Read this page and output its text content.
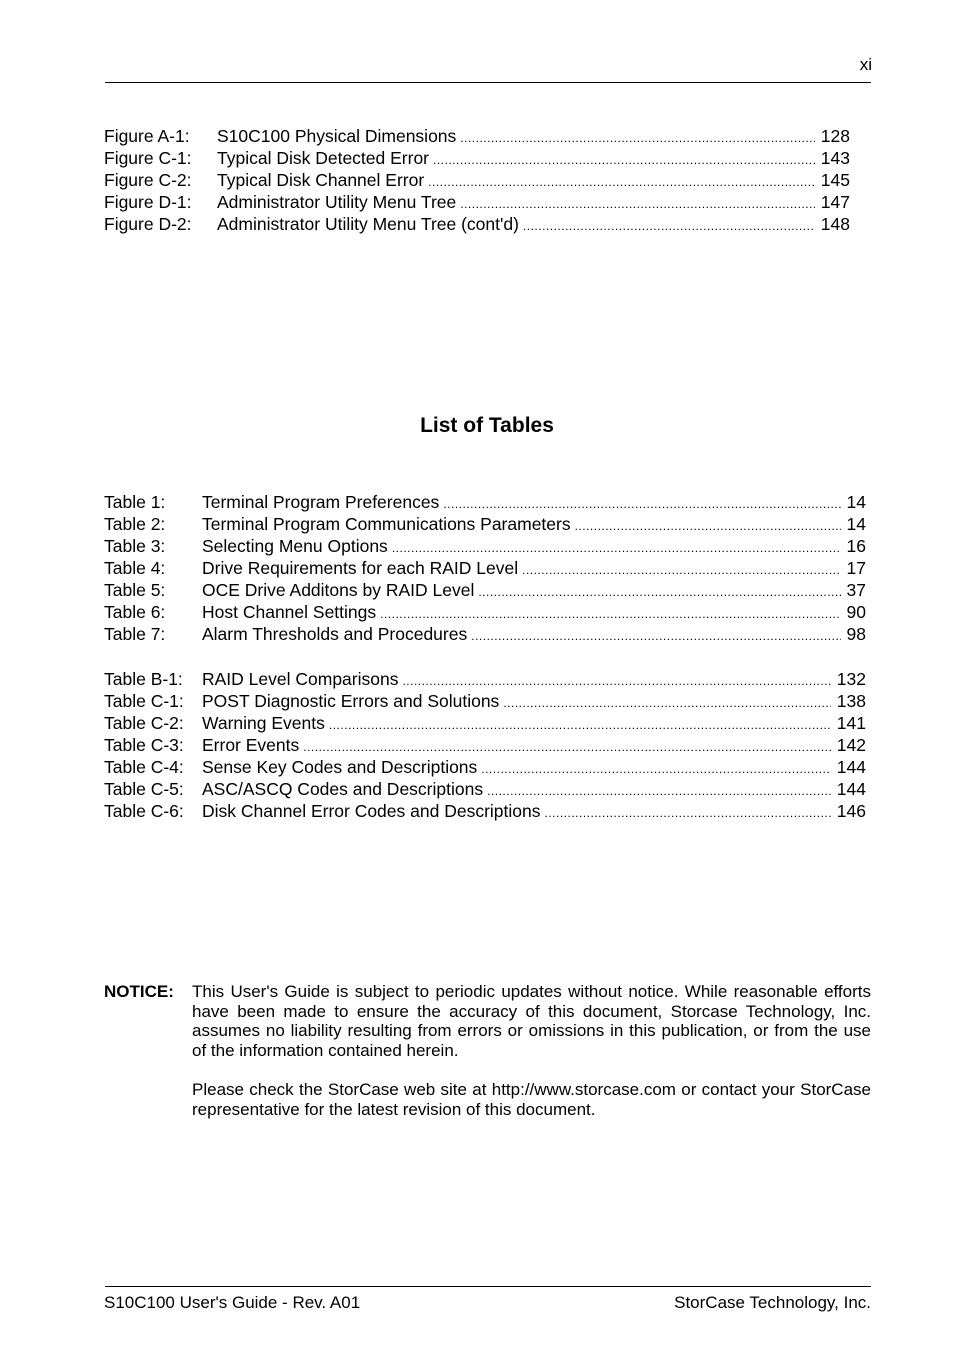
xi
Figure A-1:	S10C100 Physical Dimensions .....	128
Figure C-1:	Typical Disk Detected Error .....	143
Figure C-2:	Typical Disk Channel Error .....	145
Figure D-1:	Administrator Utility Menu Tree .....	147
Figure D-2:	Administrator Utility Menu Tree (cont'd) .....	148
List of Tables
Table 1:	Terminal Program Preferences .....	14
Table 2:	Terminal Program Communications Parameters .....	14
Table 3:	Selecting Menu Options .....	16
Table 4:	Drive Requirements for each RAID Level .....	17
Table 5:	OCE Drive Additons by RAID Level .....	37
Table 6:	Host Channel Settings .....	90
Table 7:	Alarm Thresholds and Procedures .....	98
Table B-1:	RAID Level Comparisons .....	132
Table C-1:	POST Diagnostic Errors and Solutions .....	138
Table C-2:	Warning Events .....	141
Table C-3:	Error Events .....	142
Table C-4:	Sense Key Codes and Descriptions .....	144
Table C-5:	ASC/ASCQ Codes and Descriptions .....	144
Table C-6:	Disk Channel Error Codes and Descriptions .....	146
NOTICE: This User's Guide is subject to periodic updates without notice. While reasonable efforts have been made to ensure the accuracy of this document, Storcase Technology, Inc. assumes no liability resulting from errors or omissions in this publication, or from the use of the information contained herein.

Please check the StorCase web site at http://www.storcase.com or contact your StorCase representative for the latest revision of this document.

S10C100 User's Guide - Rev. A01	StorCase Technology, Inc.
